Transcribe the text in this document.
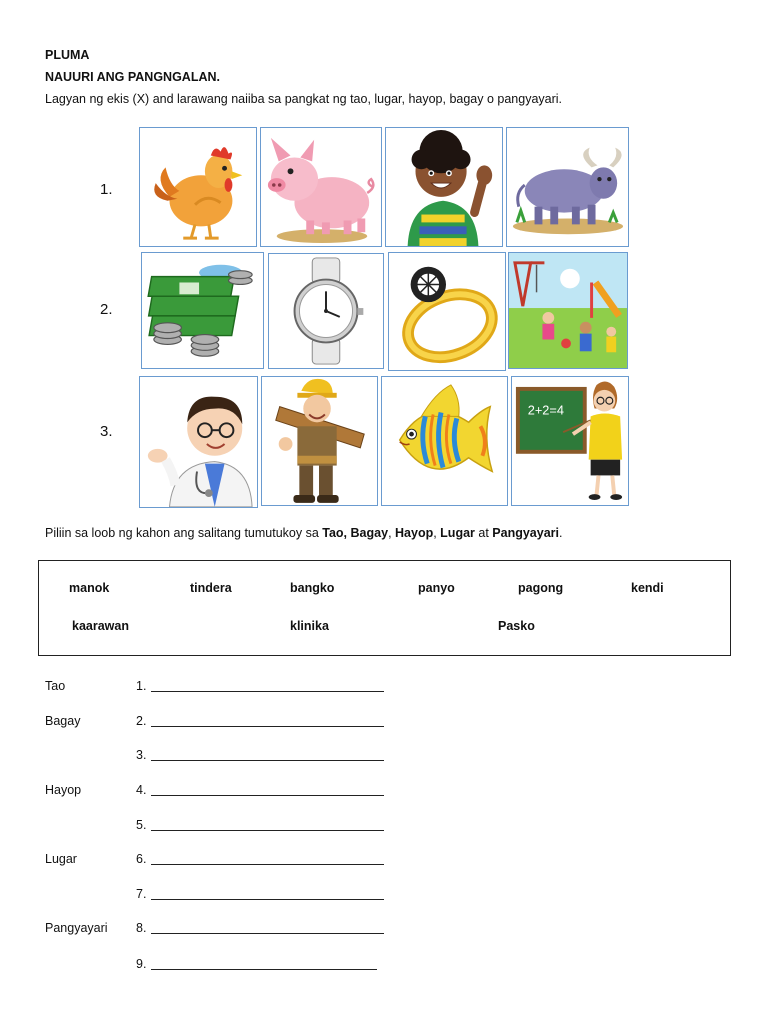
PLUMA
NAUURI ANG PANGNGALAN.
Lagyan ng ekis (X) and larawang naiiba sa pangkat ng tao, lugar, hayop, bagay o pangyayari.
1.
2.
3.
2+2=4
Piliin sa loob ng kahon ang salitang tumutukoy sa Tao, Bagay, Hayop, Lugar at Pangyayari.
manok	tindera	bangko	panyo	pagong	kendi
kaarawan	klinika	Pasko
Tao	1.
Bagay	2.
3.
Hayop	4.
5.
Lugar	6.
7.
Pangyayari 8.
9.
